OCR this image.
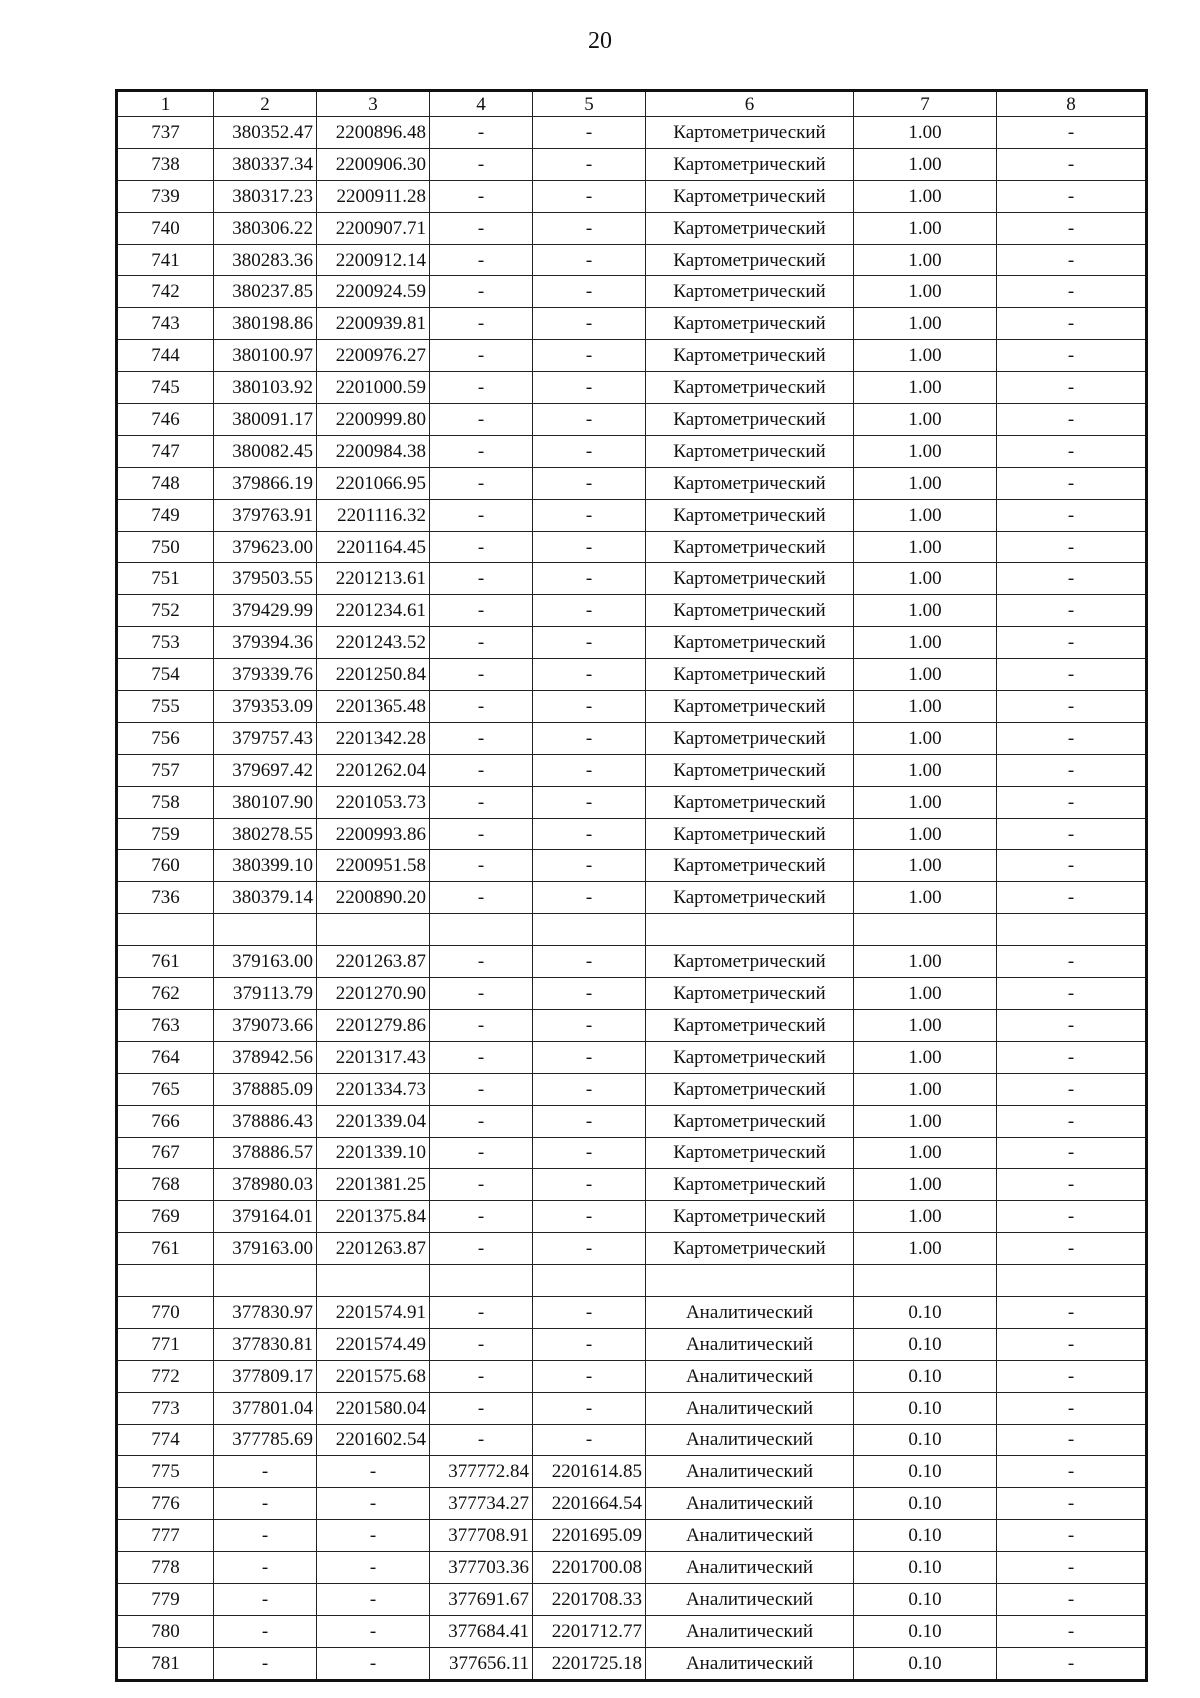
20
1	2	3	4	5	6	7	8
737	380352.47	2200896.48	-	-	Картометрический	1.00	-
738	380337.34	2200906.30	-	-	Картометрический	1.00	-
739	380317.23	2200911.28	-	-	Картометрический	1.00	-
740	380306.22	2200907.71	-	-	Картометрический	1.00	-
741	380283.36	2200912.14	-	-	Картометрический	1.00	-
742	380237.85	2200924.59	-	-	Картометрический	1.00	-
743	380198.86	2200939.81	-	-	Картометрический	1.00	-
744	380100.97	2200976.27	-	-	Картометрический	1.00	-
745	380103.92	2201000.59	-	-	Картометрический	1.00	-
746	380091.17	2200999.80	-	-	Картометрический	1.00	-
747	380082.45	2200984.38	-	-	Картометрический	1.00	-
748	379866.19	2201066.95	-	-	Картометрический	1.00	-
749	379763.91	2201116.32	-	-	Картометрический	1.00	-
750	379623.00	2201164.45	-	-	Картометрический	1.00	-
751	379503.55	2201213.61	-	-	Картометрический	1.00	-
752	379429.99	2201234.61	-	-	Картометрический	1.00	-
753	379394.36	2201243.52	-	-	Картометрический	1.00	-
754	379339.76	2201250.84	-	-	Картометрический	1.00	-
755	379353.09	2201365.48	-	-	Картометрический	1.00	-
756	379757.43	2201342.28	-	-	Картометрический	1.00	-
757	379697.42	2201262.04	-	-	Картометрический	1.00	-
758	380107.90	2201053.73	-	-	Картометрический	1.00	-
759	380278.55	2200993.86	-	-	Картометрический	1.00	-
760	380399.10	2200951.58	-	-	Картометрический	1.00	-
736	380379.14	2200890.20	-	-	Картометрический	1.00	-

761	379163.00	2201263.87	-	-	Картометрический	1.00	-
762	379113.79	2201270.90	-	-	Картометрический	1.00	-
763	379073.66	2201279.86	-	-	Картометрический	1.00	-
764	378942.56	2201317.43	-	-	Картометрический	1.00	-
765	378885.09	2201334.73	-	-	Картометрический	1.00	-
766	378886.43	2201339.04	-	-	Картометрический	1.00	-
767	378886.57	2201339.10	-	-	Картометрический	1.00	-
768	378980.03	2201381.25	-	-	Картометрический	1.00	-
769	379164.01	2201375.84	-	-	Картометрический	1.00	-
761	379163.00	2201263.87	-	-	Картометрический	1.00	-

770	377830.97	2201574.91	-	-	Аналитический	0.10	-
771	377830.81	2201574.49	-	-	Аналитический	0.10	-
772	377809.17	2201575.68	-	-	Аналитический	0.10	-
773	377801.04	2201580.04	-	-	Аналитический	0.10	-
774	377785.69	2201602.54	-	-	Аналитический	0.10	-
775	-	-	377772.84	2201614.85	Аналитический	0.10	-
776	-	-	377734.27	2201664.54	Аналитический	0.10	-
777	-	-	377708.91	2201695.09	Аналитический	0.10	-
778	-	-	377703.36	2201700.08	Аналитический	0.10	-
779	-	-	377691.67	2201708.33	Аналитический	0.10	-
780	-	-	377684.41	2201712.77	Аналитический	0.10	-
781	-	-	377656.11	2201725.18	Аналитический	0.10	-
